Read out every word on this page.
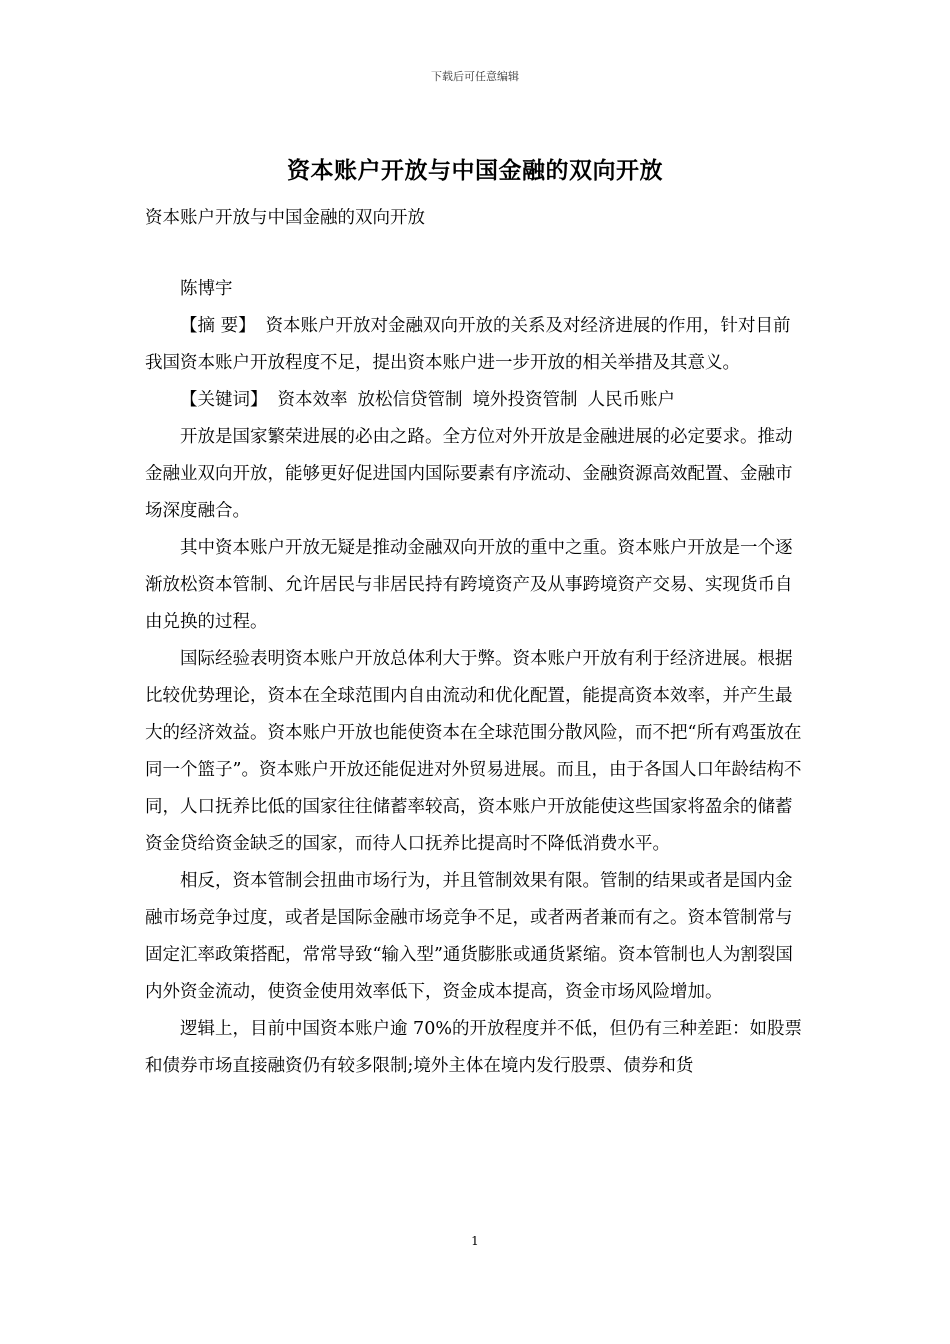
下载后可任意编辑
资本账户开放与中国金融的双向开放

资本账户开放与中国金融的双向开放

陈博宇

【摘 要】 资本账户开放对金融双向开放的关系及对经济进展的作用，针对目前我国资本账户开放程度不足，提出资本账户进一步开放的相关举措及其意义。

【关键词】 资本效率 放松信贷管制 境外投资管制 人民币账户

开放是国家繁荣进展的必由之路。全方位对外开放是金融进展的必定要求。推动金融业双向开放，能够更好促进国内国际要素有序流动、金融资源高效配置、金融市场深度融合。

其中资本账户开放无疑是推动金融双向开放的重中之重。资本账户开放是一个逐渐放松资本管制、允许居民与非居民持有跨境资产及从事跨境资产交易、实现货币自由兑换的过程。

国际经验表明资本账户开放总体利大于弊。资本账户开放有利于经济进展。根据比较优势理论，资本在全球范围内自由流动和优化配置，能提高资本效率，并产生最大的经济效益。资本账户开放也能使资本在全球范围分散风险，而不把“所有鸡蛋放在同一个篮子”。资本账户开放还能促进对外贸易进展。而且，由于各国人口年龄结构不同，人口抚养比低的国家往往储蓄率较高，资本账户开放能使这些国家将盈余的储蓄资金贷给资金缺乏的国家，而待人口抚养比提高时不降低消费水平。

相反，资本管制会扭曲市场行为，并且管制效果有限。管制的结果或者是国内金融市场竞争过度，或者是国际金融市场竞争不足，或者两者兼而有之。资本管制常与固定汇率政策搭配，常常导致“输入型”通货膨胀或通货紧缩。资本管制也人为割裂国内外资金流动，使资金使用效率低下，资金成本提高，资金市场风险增加。

逻辑上，目前中国资本账户逾 70%的开放程度并不低，但仍有三种差距：如股票和债券市场直接融资仍有较多限制;境外主体在境内发行股票、债券和货

1
